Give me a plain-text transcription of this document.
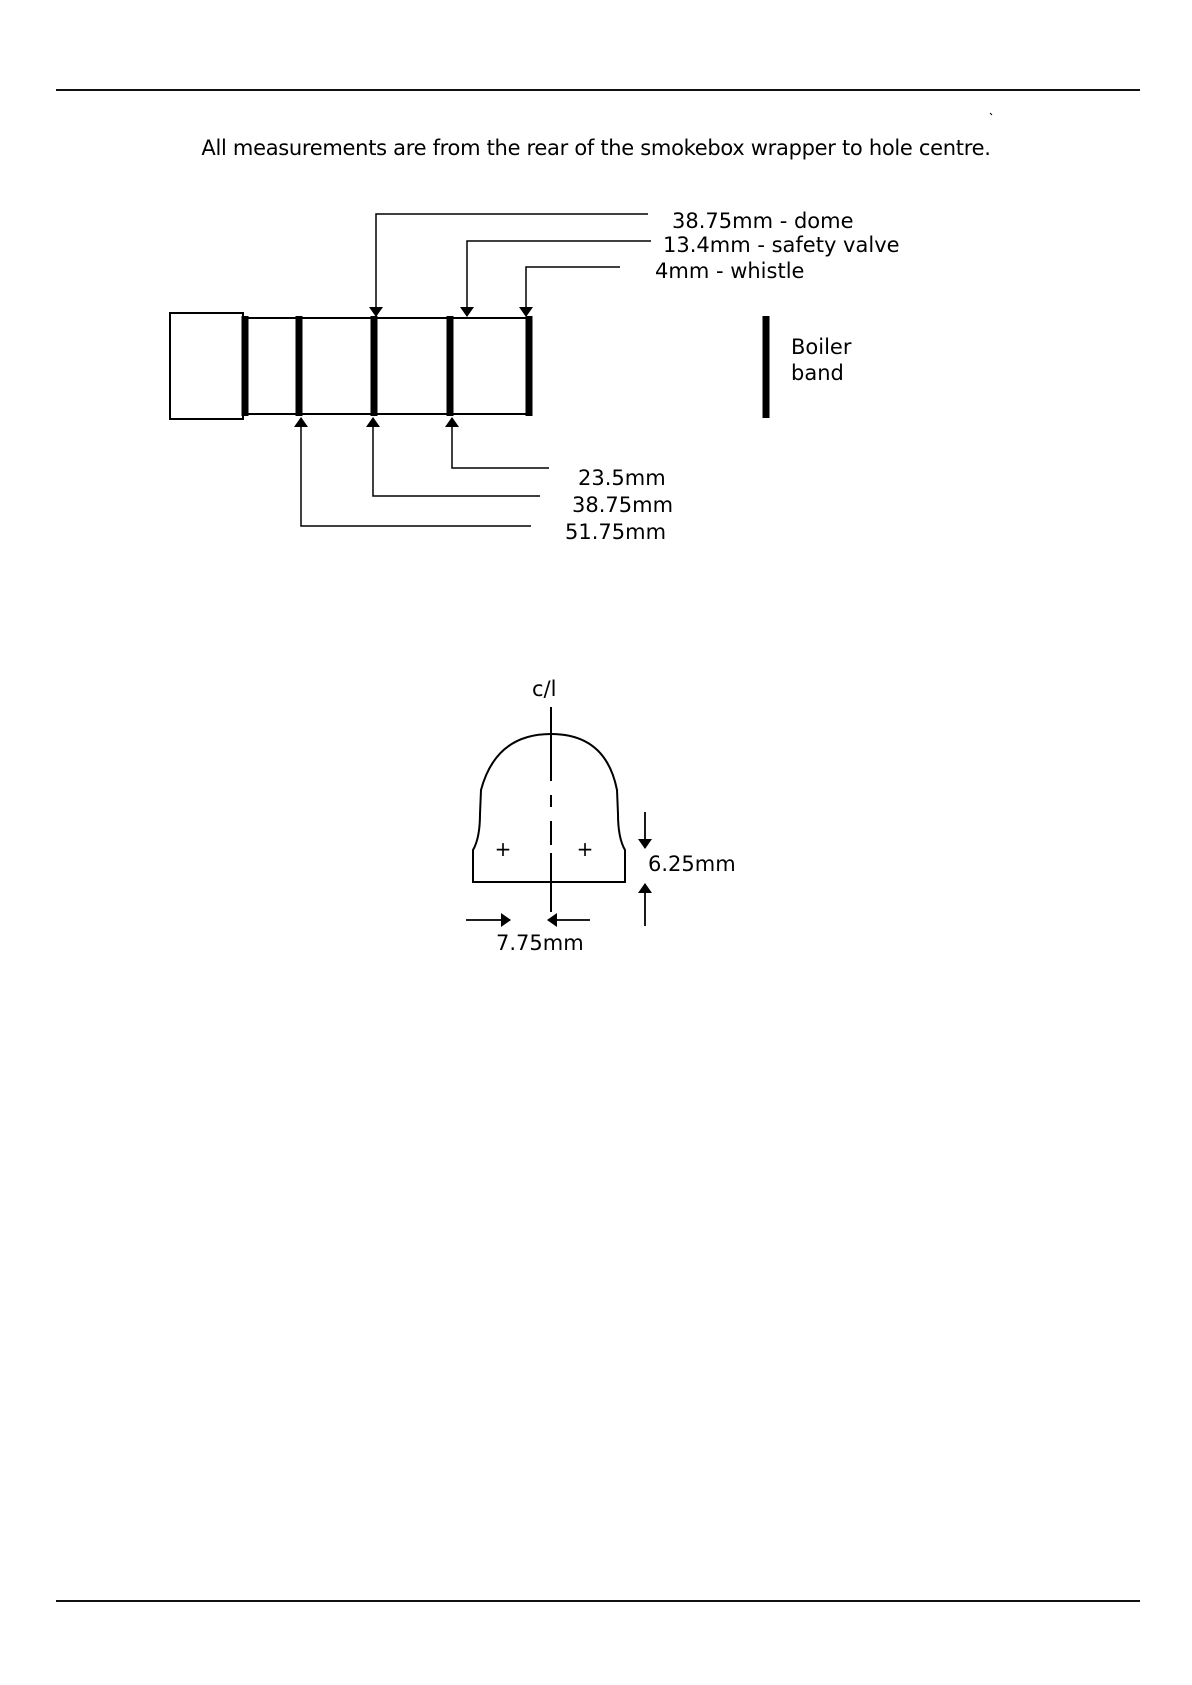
All measurements are from the rear of the smokebox wrapper to hole centre.

38.75mm - dome
13.4mm - safety valve
4mm - whistle
Boiler
band
23.5mm
38.75mm
51.75mm
c/l
+	+
6.25mm
7.75mm
